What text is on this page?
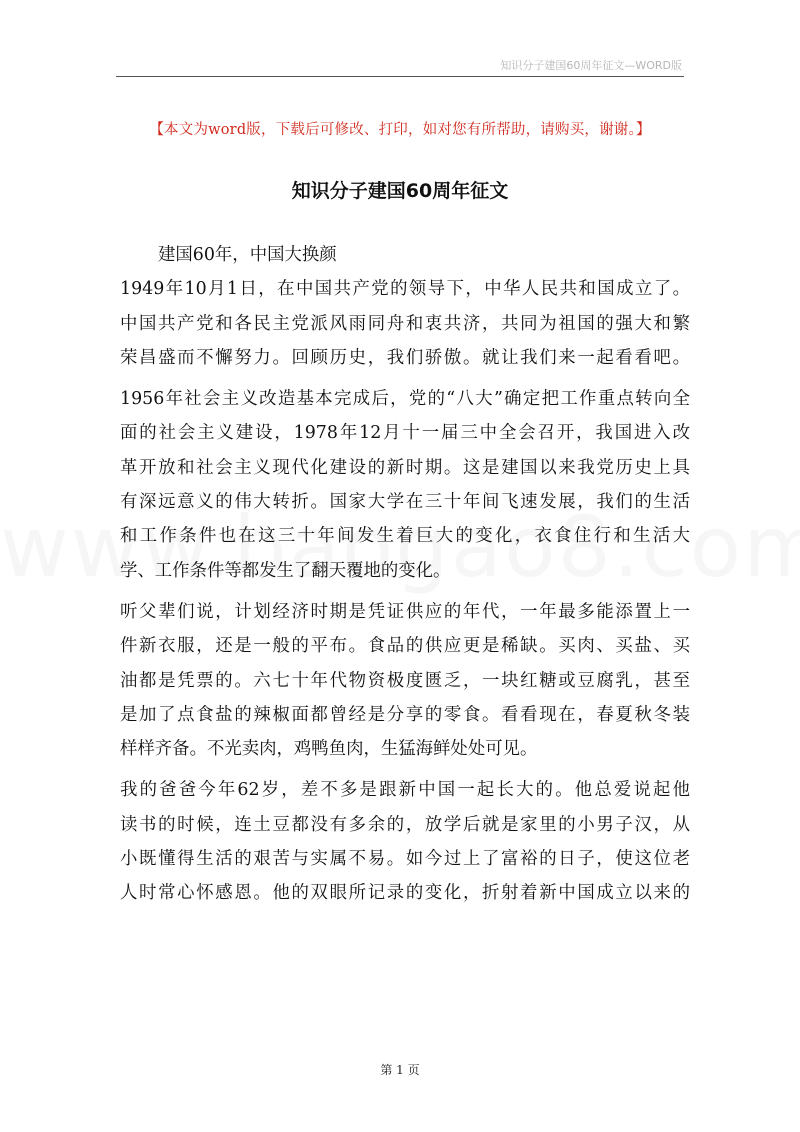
知识分子建国60周年征文—WORD版
【本文为word版，下载后可修改、打印，如对您有所帮助，请购买，谢谢。】
知识分子建国60周年征文
建国60年，中国大换颜
1949年10月1日，在中国共产党的领导下，中华人民共和国成立了。
中国共产党和各民主党派风雨同舟和衷共济，共同为祖国的强大和繁
荣昌盛而不懈努力。回顾历史，我们骄傲。就让我们来一起看看吧。
1956年社会主义改造基本完成后，党的“八大”确定把工作重点转向全
面的社会主义建设，1978年12月十一届三中全会召开，我国进入改
革开放和社会主义现代化建设的新时期。这是建国以来我党历史上具
有深远意义的伟大转折。国家大学在三十年间飞速发展，我们的生活
和工作条件也在这三十年间发生着巨大的变化，衣食住行和生活大
学、工作条件等都发生了翻天覆地的变化。
听父辈们说，计划经济时期是凭证供应的年代，一年最多能添置上一
件新衣服，还是一般的平布。食品的供应更是稀缺。买肉、买盐、买
油都是凭票的。六七十年代物资极度匮乏，一块红糖或豆腐乳，甚至
是加了点食盐的辣椒面都曾经是分享的零食。看看现在，春夏秋冬装
样样齐备。不光卖肉，鸡鸭鱼肉，生猛海鲜处处可见。
我的爸爸今年62岁，差不多是跟新中国一起长大的。他总爱说起他
读书的时候，连土豆都没有多余的，放学后就是家里的小男子汉，从
小既懂得生活的艰苦与实属不易。如今过上了富裕的日子，使这位老
人时常心怀感恩。他的双眼所记录的变化，折射着新中国成立以来的
第 1 页
